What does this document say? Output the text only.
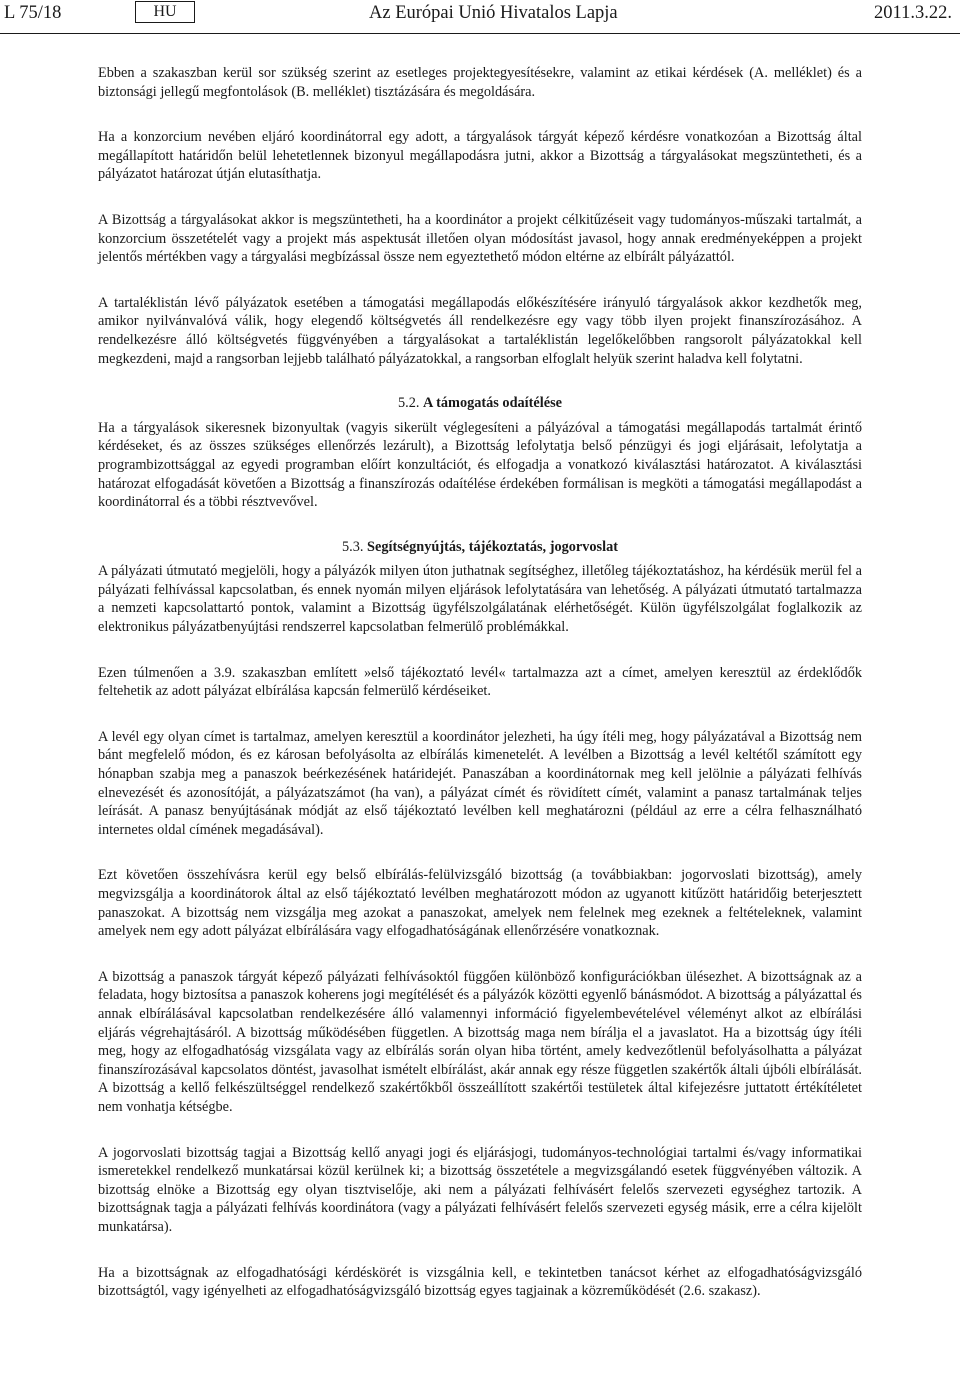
L 75/18	HU	Az Európai Unió Hivatalos Lapja	2011.3.22.

Ebben a szakaszban kerül sor szükség szerint az esetleges projektegyesítésekre, valamint az etikai kérdések (A. melléklet) és a biztonsági jellegű megfontolások (B. melléklet) tisztázására és megoldására.

Ha a konzorcium nevében eljáró koordinátorral egy adott, a tárgyalások tárgyát képező kérdésre vonatkozóan a Bizottság által megállapított határidőn belül lehetetlennek bizonyul megállapodásra jutni, akkor a Bizottság a tárgyalásokat megszüntetheti, és a pályázatot határozat útján elutasíthatja.

A Bizottság a tárgyalásokat akkor is megszüntetheti, ha a koordinátor a projekt célkitűzéseit vagy tudományos-műszaki tartalmát, a konzorcium összetételét vagy a projekt más aspektusát illetően olyan módosítást javasol, hogy annak eredményeképpen a projekt jelentős mértékben vagy a tárgyalási megbízással össze nem egyeztethető módon eltérne az elbírált pályázattól.

A tartaléklistán lévő pályázatok esetében a támogatási megállapodás előkészítésére irányuló tárgyalások akkor kezdhetők meg, amikor nyilvánvalóvá válik, hogy elegendő költségvetés áll rendelkezésre egy vagy több ilyen projekt finanszírozásához. A rendelkezésre álló költségvetés függvényében a tárgyalásokat a tartaléklistán legelőkelőbben rangsorolt pályázatokkal kell megkezdeni, majd a rangsorban lejjebb található pályázatokkal, a rangsorban elfoglalt helyük szerint haladva kell folytatni.

5.2. A támogatás odaítélése

Ha a tárgyalások sikeresnek bizonyultak (vagyis sikerült véglegesíteni a pályázóval a támogatási megállapodás tartalmát érintő kérdéseket, és az összes szükséges ellenőrzés lezárult), a Bizottság lefolytatja belső pénzügyi és jogi eljárásait, lefolytatja a programbizottsággal az egyedi programban előírt konzultációt, és elfogadja a vonatkozó kiválasztási határozatot. A kiválasztási határozat elfogadását követően a Bizottság a finanszírozás odaítélése érdekében formálisan is megköti a támogatási megállapodást a koordinátorral és a többi résztvevővel.

5.3. Segítségnyújtás, tájékoztatás, jogorvoslat

A pályázati útmutató megjelöli, hogy a pályázók milyen úton juthatnak segítséghez, illetőleg tájékoztatáshoz, ha kérdésük merül fel a pályázati felhívással kapcsolatban, és ennek nyomán milyen eljárások lefolytatására van lehetőség. A pályázati útmutató tartalmazza a nemzeti kapcsolattartó pontok, valamint a Bizottság ügyfélszolgálatának elérhetőségét. Külön ügyfélszolgálat foglalkozik az elektronikus pályázatbenyújtási rendszerrel kapcsolatban felmerülő problémákkal.

Ezen túlmenően a 3.9. szakaszban említett »első tájékoztató levél« tartalmazza azt a címet, amelyen keresztül az érdeklődők feltehetik az adott pályázat elbírálása kapcsán felmerülő kérdéseiket.

A levél egy olyan címet is tartalmaz, amelyen keresztül a koordinátor jelezheti, ha úgy ítéli meg, hogy pályázatával a Bizottság nem bánt megfelelő módon, és ez károsan befolyásolta az elbírálás kimenetelét. A levélben a Bizottság a levél keltétől számított egy hónapban szabja meg a panaszok beérkezésének határidejét. Panaszában a koordinátornak meg kell jelölnie a pályázati felhívás elnevezését és azonosítóját, a pályázatszámot (ha van), a pályázat címét és rövidített címét, valamint a panasz tartalmának teljes leírását. A panasz benyújtásának módját az első tájékoztató levélben kell meghatározni (például az erre a célra felhasználható internetes oldal címének megadásával).

Ezt követően összehívásra kerül egy belső elbírálás-felülvizsgáló bizottság (a továbbiakban: jogorvoslati bizottság), amely megvizsgálja a koordinátorok által az első tájékoztató levélben meghatározott módon az ugyanott kitűzött határidőig beterjesztett panaszokat. A bizottság nem vizsgálja meg azokat a panaszokat, amelyek nem felelnek meg ezeknek a feltételeknek, valamint amelyek nem egy adott pályázat elbírálására vagy elfogadhatóságának ellenőrzésére vonatkoznak.

A bizottság a panaszok tárgyát képező pályázati felhívásoktól függően különböző konfigurációkban ülésezhet. A bizottságnak az a feladata, hogy biztosítsa a panaszok koherens jogi megítélését és a pályázók közötti egyenlő bánásmódot. A bizottság a pályázattal és annak elbírálásával kapcsolatban rendelkezésére álló valamennyi információ figyelembevételével véleményt alkot az elbírálási eljárás végrehajtásáról. A bizottság működésében független. A bizottság maga nem bírálja el a javaslatot. Ha a bizottság úgy ítéli meg, hogy az elfogadhatóság vizsgálata vagy az elbírálás során olyan hiba történt, amely kedvezőtlenül befolyásolhatta a pályázat finanszírozásával kapcsolatos döntést, javasolhat ismételt elbírálást, akár annak egy része független szakértők általi újbóli elbírálását. A bizottság a kellő felkészültséggel rendelkező szakértőkből összeállított szakértői testületek által kifejezésre juttatott értékítéletet nem vonhatja kétségbe.

A jogorvoslati bizottság tagjai a Bizottság kellő anyagi jogi és eljárásjogi, tudományos-technológiai tartalmi és/vagy informatikai ismeretekkel rendelkező munkatársai közül kerülnek ki; a bizottság összetétele a megvizsgálandó esetek függvényében változik. A bizottság elnöke a Bizottság egy olyan tisztviselője, aki nem a pályázati felhívásért felelős szervezeti egységhez tartozik. A bizottságnak tagja a pályázati felhívás koordinátora (vagy a pályázati felhívásért felelős szervezeti egység másik, erre a célra kijelölt munkatársa).

Ha a bizottságnak az elfogadhatósági kérdéskörét is vizsgálnia kell, e tekintetben tanácsot kérhet az elfogadhatóságvizsgáló bizottságtól, vagy igényelheti az elfogadhatóságvizsgáló bizottság egyes tagjainak a közreműködését (2.6. szakasz).
